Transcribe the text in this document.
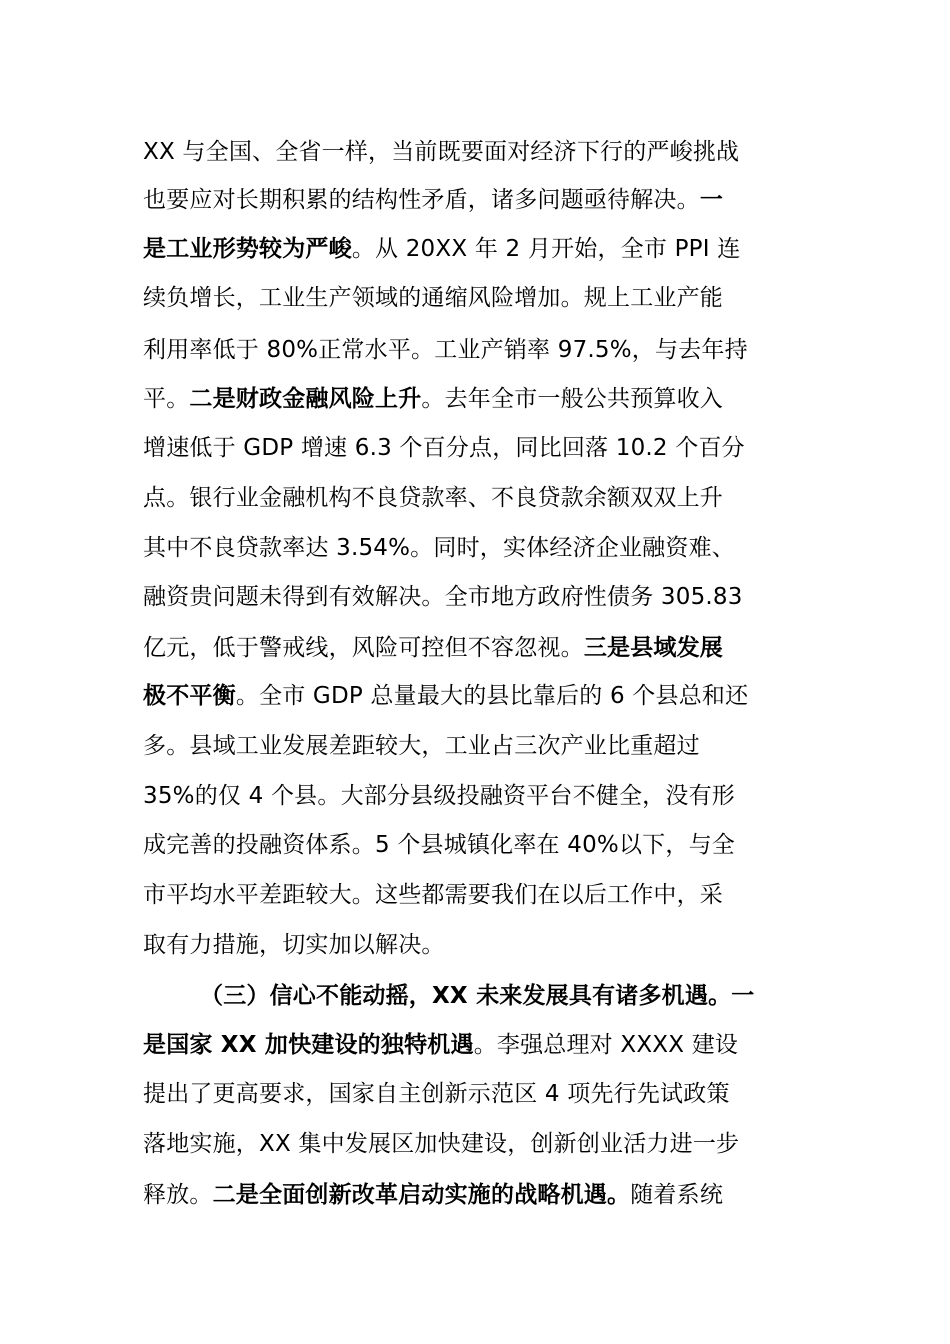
XX 与全国、全省一样，当前既要面对经济下行的严峻挑战
也要应对长期积累的结构性矛盾，诸多问题亟待解决。一
是工业形势较为严峻。从 20XX 年 2 月开始，全市 PPI 连
续负增长，工业生产领域的通缩风险增加。规上工业产能
利用率低于 80%正常水平。工业产销率 97.5%，与去年持
平。二是财政金融风险上升。去年全市一般公共预算收入
增速低于 GDP 增速 6.3 个百分点，同比回落 10.2 个百分
点。银行业金融机构不良贷款率、不良贷款余额双双上升
其中不良贷款率达 3.54%。同时，实体经济企业融资难、
融资贵问题未得到有效解决。全市地方政府性债务 305.83
亿元，低于警戒线，风险可控但不容忽视。三是县域发展
极不平衡。全市 GDP 总量最大的县比靠后的 6 个县总和还
多。县域工业发展差距较大，工业占三次产业比重超过
35%的仅 4 个县。大部分县级投融资平台不健全，没有形
成完善的投融资体系。5 个县城镇化率在 40%以下，与全
市平均水平差距较大。这些都需要我们在以后工作中，采
取有力措施，切实加以解决。
（三）信心不能动摇，XX 未来发展具有诸多机遇。一
是国家 XX 加快建设的独特机遇。李强总理对 XXXX 建设
提出了更高要求，国家自主创新示范区 4 项先行先试政策
落地实施，XX 集中发展区加快建设，创新创业活力进一步
释放。二是全面创新改革启动实施的战略机遇。随着系统
